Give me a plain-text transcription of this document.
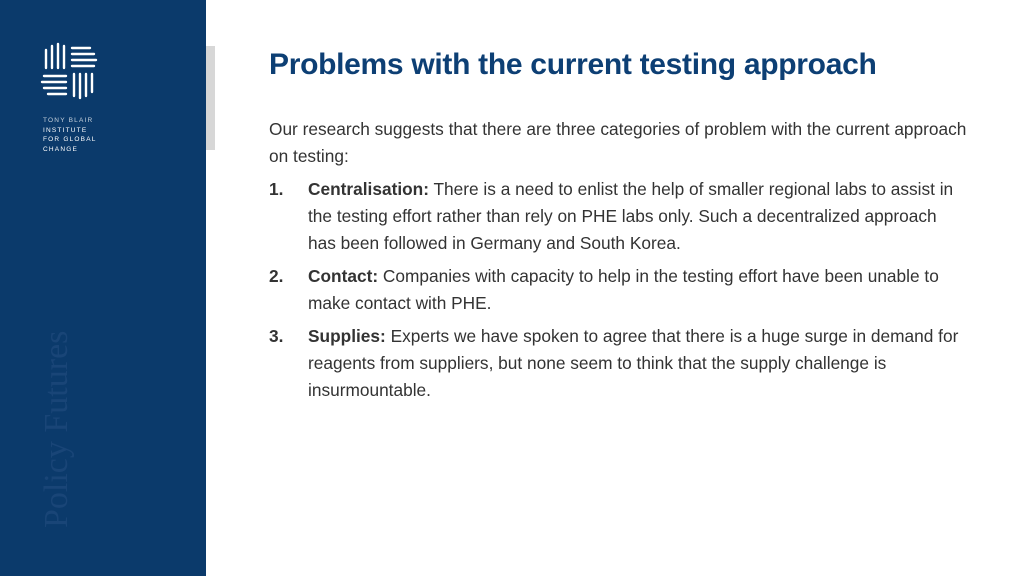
TONY BLAIR
INSTITUTE
FOR GLOBAL
CHANGE
Policy Futures
Problems with the current testing approach

Our research suggests that there are three categories of problem with the current approach on testing:

1. Centralisation: There is a need to enlist the help of smaller regional labs to assist in the testing effort rather than rely on PHE labs only. Such a decentralized approach has been followed in Germany and South Korea.
2. Contact: Companies with capacity to help in the testing effort have been unable to make contact with PHE.
3. Supplies: Experts we have spoken to agree that there is a huge surge in demand for reagents from suppliers, but none seem to think that the supply challenge is insurmountable.
